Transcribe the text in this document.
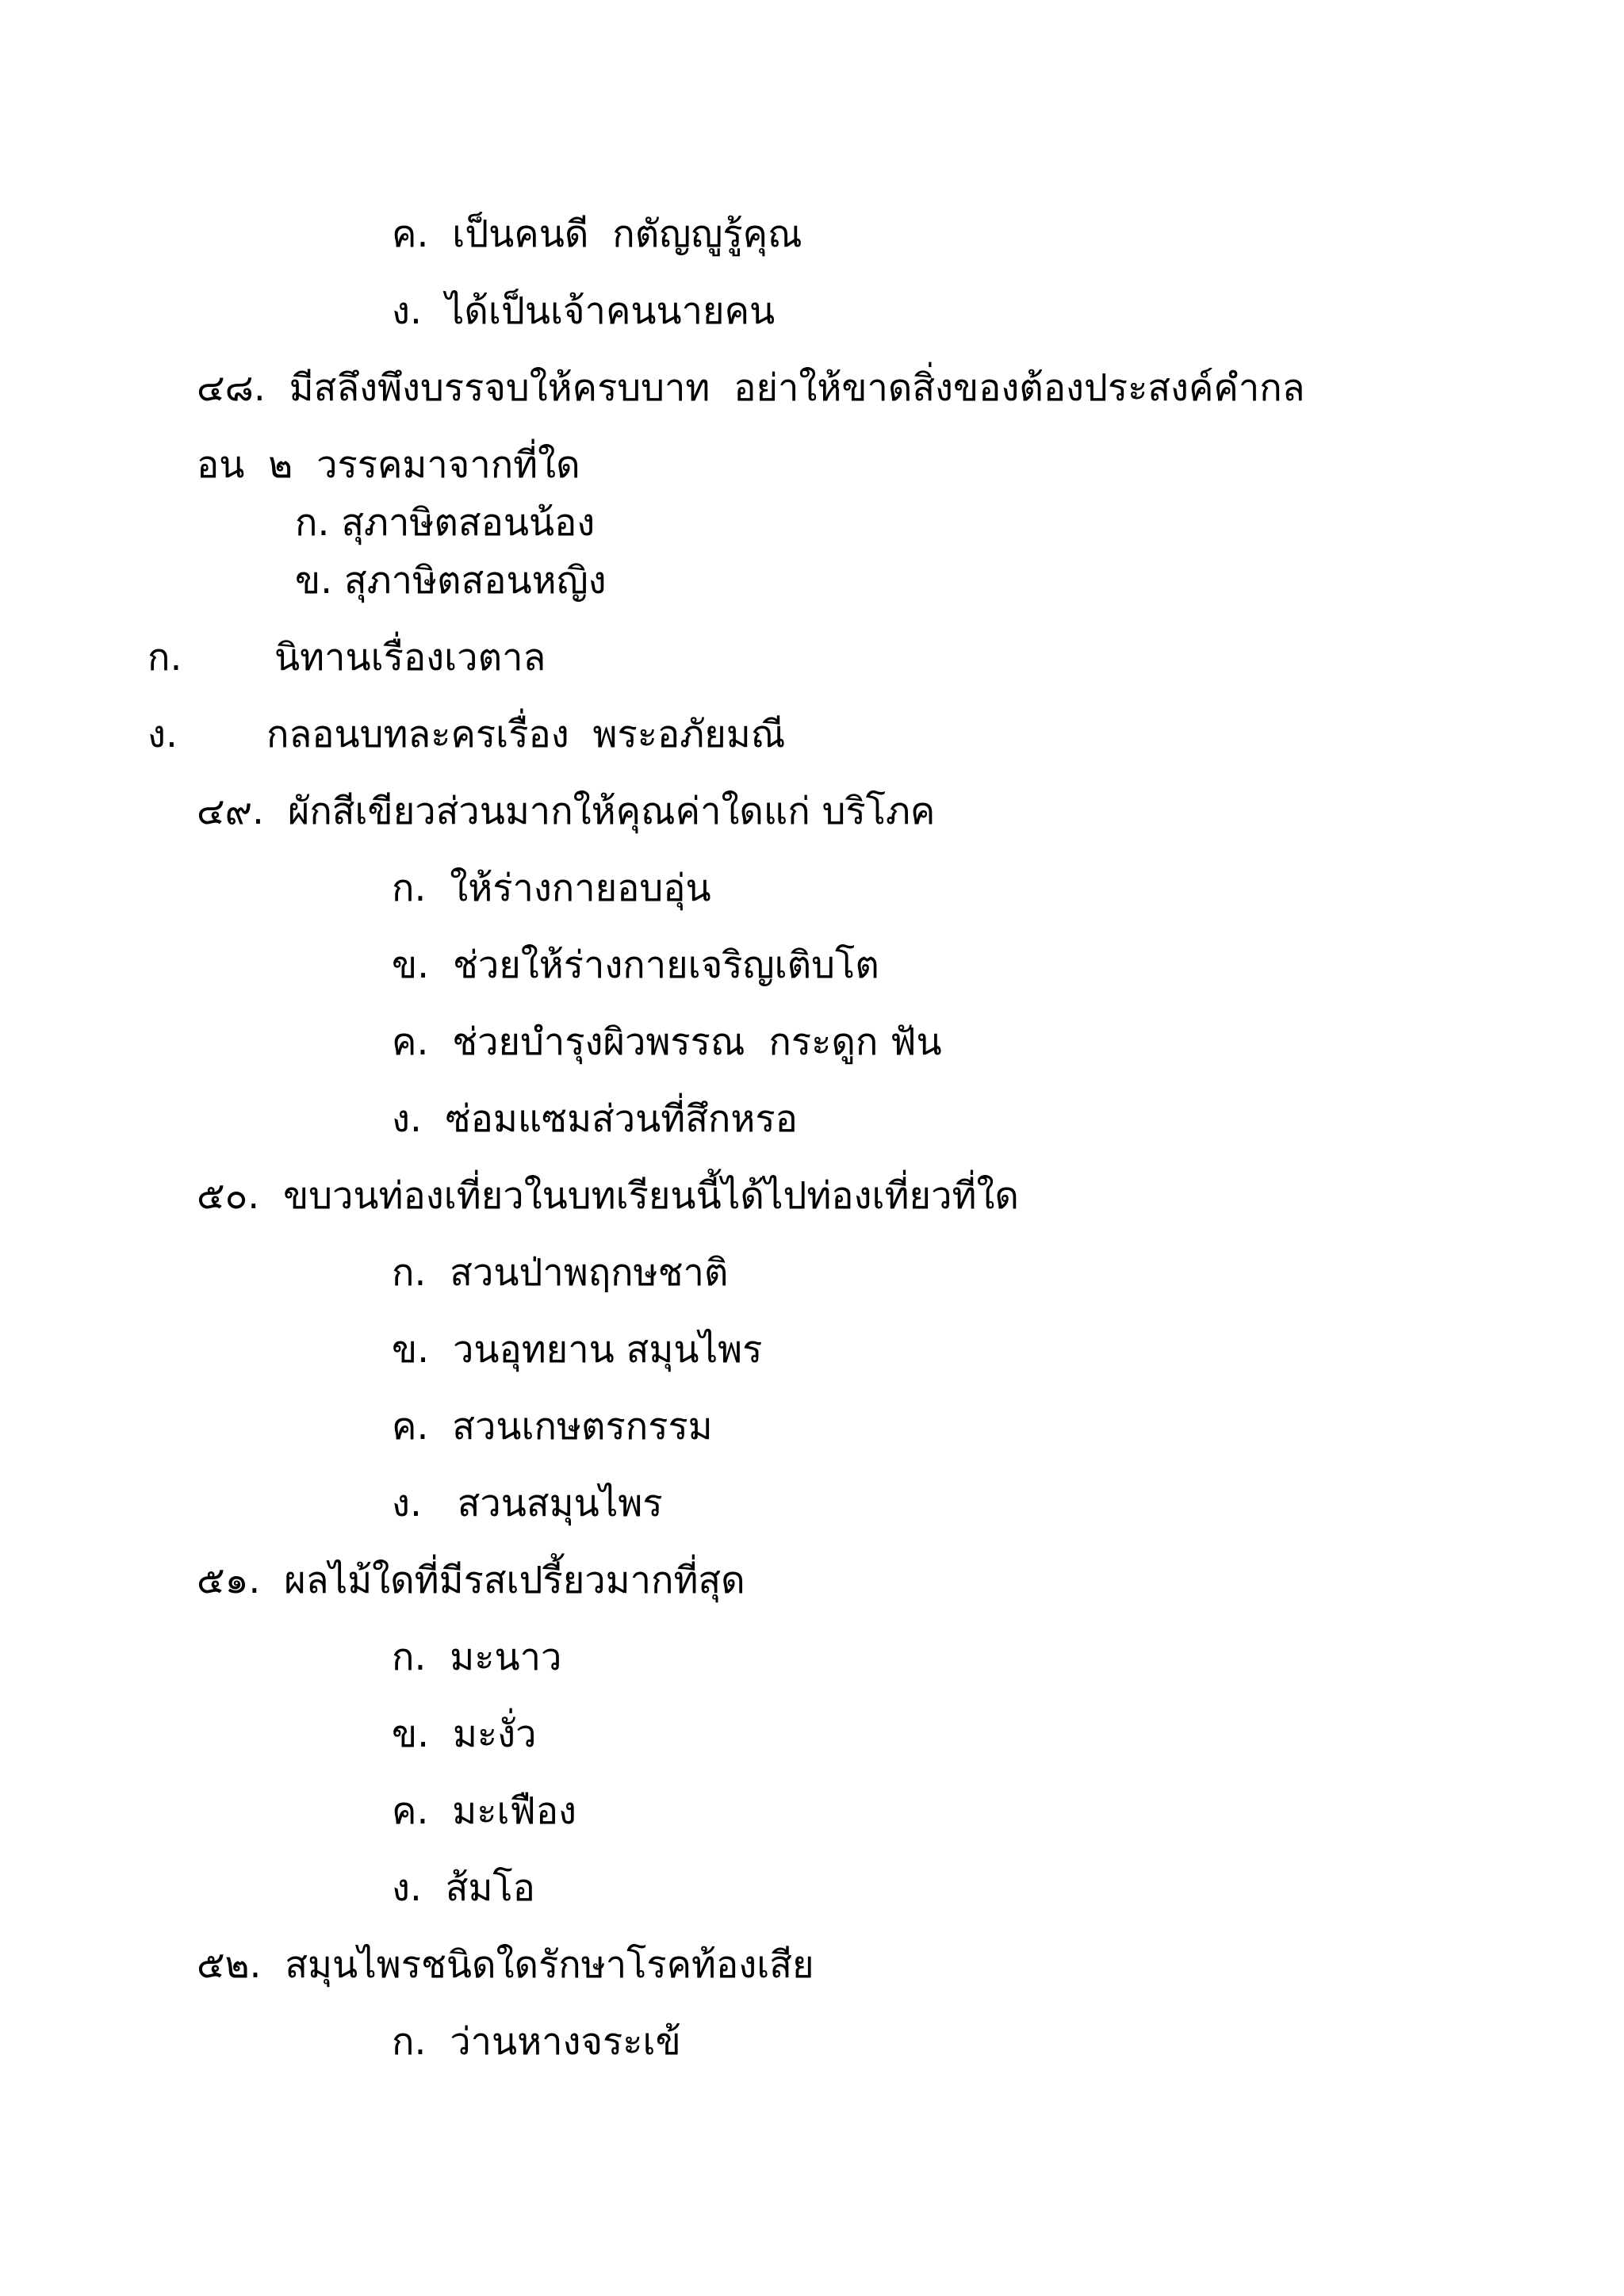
ค.  เป็นคนดี  กตัญญูรู้คุณ

ง.  ได้เป็นเจ้าคนนายคน

๔๘.  มีสลึงพึงบรรจบให้ครบบาท  อย่าให้ขาดสิ่งของต้องประสงค์คำกล

อน  ๒  วรรคมาจากที่ใด

ก. สุภาษิตสอนน้อง

ข. สุภาษิตสอนหญิง

ก. นิทานเรื่องเวตาล

ง. กลอนบทละครเรื่อง  พระอภัยมณี

๔๙.  ผักสีเขียวส่วนมากให้คุณค่าใดแก่ บริโภค

ก.  ให้ร่างกายอบอุ่น

ข.  ช่วยให้ร่างกายเจริญเติบโต

ค.  ช่วยบำรุงผิวพรรณ  กระดูก ฟัน

ง.  ซ่อมแซมส่วนที่สึกหรอ

๕๐.  ขบวนท่องเที่ยวในบทเรียนนี้ได้ไปท่องเที่ยวที่ใด

ก.  สวนป่าพฤกษชาติ

ข.  วนอุทยาน สมุนไพร

ค.  สวนเกษตรกรรม

ง.   สวนสมุนไพร

๕๑.  ผลไม้ใดที่มีรสเปรี้ยวมากที่สุด

ก.  มะนาว

ข.  มะงั่ว

ค.  มะเฟือง

ง.  ส้มโอ

๕๒.  สมุนไพรชนิดใดรักษาโรคท้องเสีย

ก.  ว่านหางจระเข้
